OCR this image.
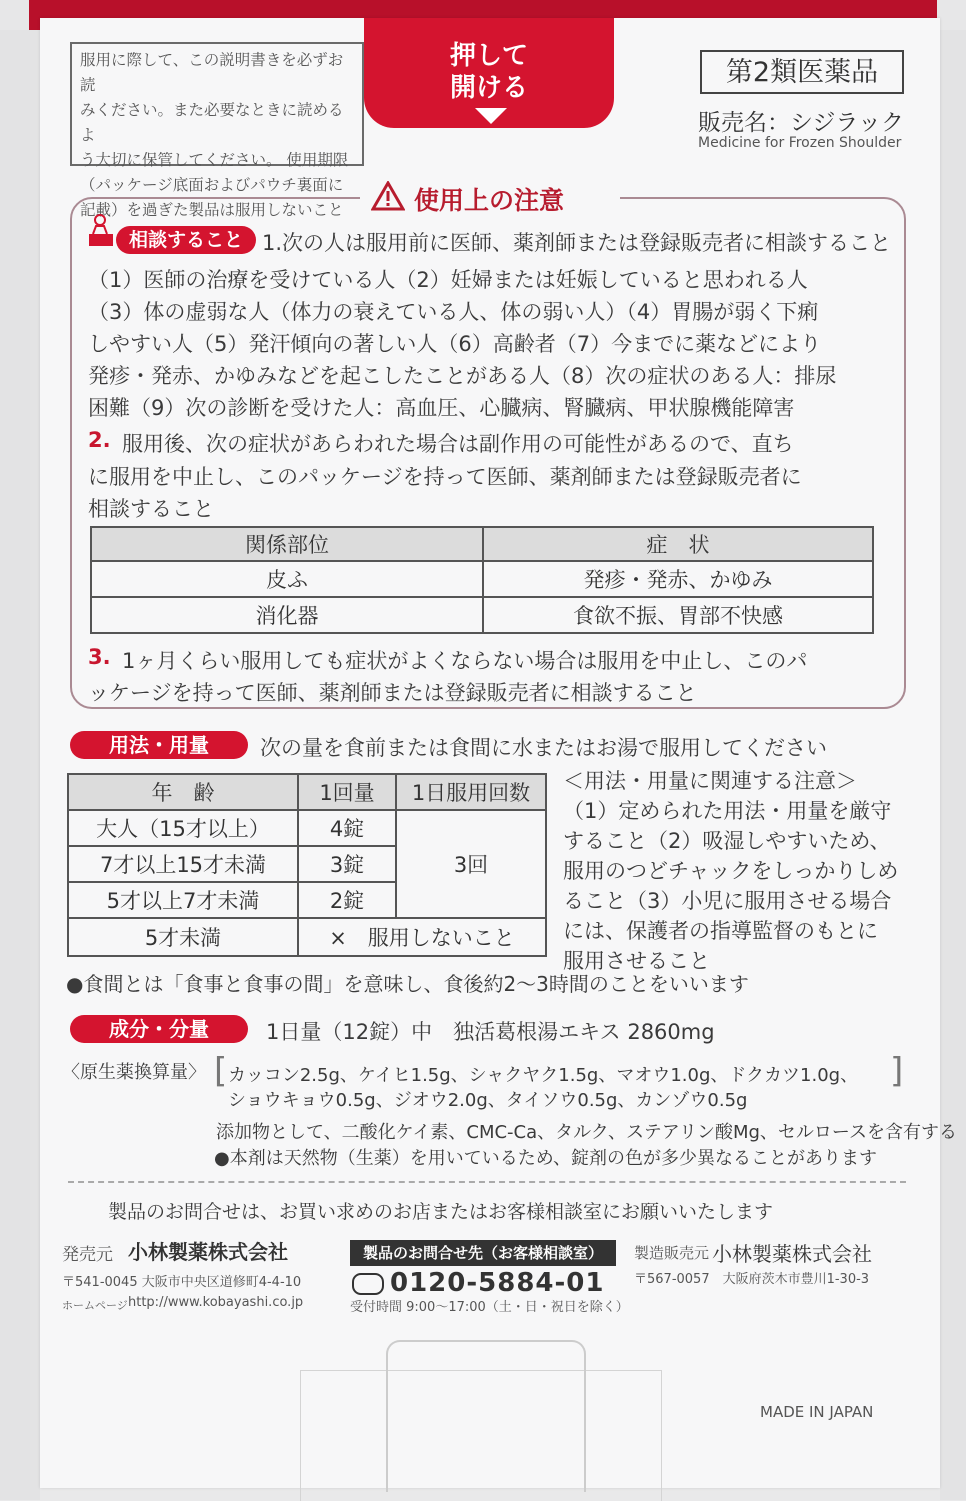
押して
開ける
服用に際して、この説明書きを必ずお読
みください。また必要なときに読めるよ
う大切に保管してください。 使用期限
（パッケージ底面およびパウチ裏面に
記載）を過ぎた製品は服用しないこと
第2類医薬品
販売名：シジラック
Medicine for Frozen Shoulder
使用上の注意
相談すること 1.次の人は服用前に医師、薬剤師または登録販売者に相談すること
（1）医師の治療を受けている人（2）妊婦または妊娠していると思われる人
（3）体の虚弱な人（体力の衰えている人、体の弱い人）（4）胃腸が弱く下痢
しやすい人（5）発汗傾向の著しい人（6）高齢者（7）今までに薬などにより
発疹・発赤、かゆみなどを起こしたことがある人（8）次の症状のある人：排尿
困難（9）次の診断を受けた人：高血圧、心臓病、腎臓病、甲状腺機能障害
2. 服用後、次の症状があらわれた場合は副作用の可能性があるので、直ち
に服用を中止し、このパッケージを持って医師、薬剤師または登録販売者に
相談すること
関係部位	症　状
皮ふ	発疹・発赤、かゆみ
消化器	食欲不振、胃部不快感
3. 1ヶ月くらい服用しても症状がよくならない場合は服用を中止し、このパ
ッケージを持って医師、薬剤師または登録販売者に相談すること
用法・用量	次の量を食前または食間に水またはお湯で服用してください
年　齢	1回量	1日服用回数
大人（15才以上）	4錠	3回
7才以上15才未満	3錠	
5才以上7才未満	2錠	
5才未満	×　服用しないこと	
＜用法・用量に関連する注意＞
（1）定められた用法・用量を厳守
すること（2）吸湿しやすいため、
服用のつどチャックをしっかりしめ
ること（3）小児に服用させる場合
には、保護者の指導監督のもとに
服用させること
●食間とは「食事と食事の間」を意味し、食後約2～3時間のことをいいます
成分・分量	1日量（12錠）中　独活葛根湯エキス 2860mg
〈原生薬換算量〉 [	]
カッコン2.5g、ケイヒ1.5g、シャクヤク1.5g、マオウ1.0g、ドクカツ1.0g、
ショウキョウ0.5g、ジオウ2.0g、タイソウ0.5g、カンゾウ0.5g
添加物として、二酸化ケイ素、CMC-Ca、タルク、ステアリン酸Mg、セルロースを含有する
●本剤は天然物（生薬）を用いているため、錠剤の色が多少異なることがあります
製品のお問合せは、お買い求めのお店またはお客様相談室にお願いいたします
発売元 小林製薬株式会社
〒541-0045 大阪市中央区道修町4-4-10
ホームページ http://www.kobayashi.co.jp
製品のお問合せ先（お客様相談室）
0120-5884-01
受付時間 9:00～17:00（土・日・祝日を除く）
製造販売元 小林製薬株式会社
〒567-0057　大阪府茨木市豊川1-30-3
MADE IN JAPAN
